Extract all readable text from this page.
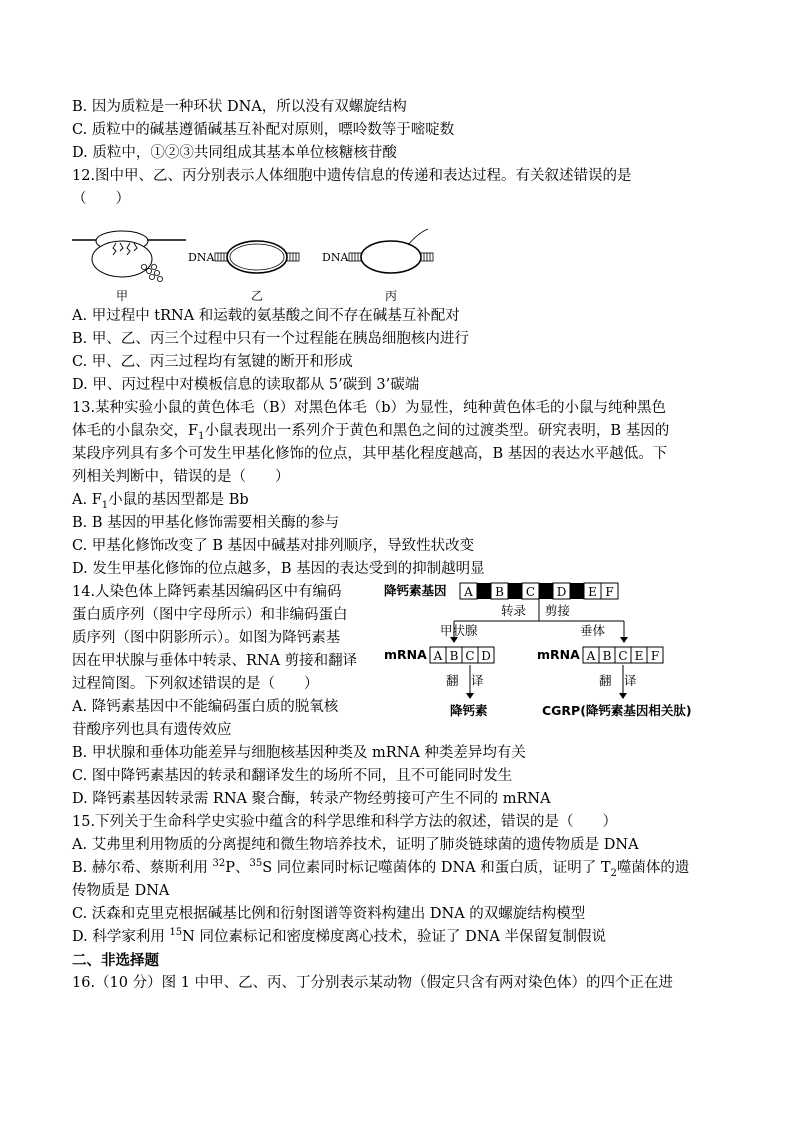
B. 因为质粒是一种环状 DNA，所以没有双螺旋结构
C. 质粒中的碱基遵循碱基互补配对原则，嘌呤数等于嘧啶数
D. 质粒中，①②③共同组成其基本单位核糖核苷酸
12.图中甲、乙、丙分别表示人体细胞中遗传信息的传递和表达过程。有关叙述错误的是
（　　）
甲
DNA
乙
DNA
丙
A. 甲过程中 tRNA 和运载的氨基酸之间不存在碱基互补配对
B. 甲、乙、丙三个过程中只有一个过程能在胰岛细胞核内进行
C. 甲、乙、丙三过程均有氢键的断开和形成
D. 甲、丙过程中对模板信息的读取都从 5’碳到 3’碳端
13.某种实验小鼠的黄色体毛（B）对黑色体毛（b）为显性，纯种黄色体毛的小鼠与纯种黑色
体毛的小鼠杂交，$F_1$小鼠表现出一系列介于黄色和黑色之间的过渡类型。研究表明，B 基因的
某段序列具有多个可发生甲基化修饰的位点，其甲基化程度越高，B 基因的表达水平越低。下
列相关判断中，错误的是（　　）
A. $F_1$小鼠的基因型都是 Bb
B. B 基因的甲基化修饰需要相关酶的参与
C. 甲基化修饰改变了 B 基因中碱基对排列顺序，导致性状改变
D. 发生甲基化修饰的位点越多，B 基因的表达受到的抑制越明显
14.人染色体上降钙素基因编码区中有编码
蛋白质序列（图中字母所示）和非编码蛋白
质序列（图中阴影所示）。如图为降钙素基
因在甲状腺与垂体中转录、RNA 剪接和翻译
过程简图。下列叙述错误的是（　　）
A. 降钙素基因中不能编码蛋白质的脱氧核
苷酸序列也具有遗传效应
降钙素基因 A B C D E F
转录 剪接
甲状腺	垂体
mRNA A B C D	mRNA A B C E F
翻　译	翻　译
降钙素	CGRP(降钙素基因相关肽)
B. 甲状腺和垂体功能差异与细胞核基因种类及 mRNA 种类差异均有关
C. 图中降钙素基因的转录和翻译发生的场所不同，且不可能同时发生
D. 降钙素基因转录需 RNA 聚合酶，转录产物经剪接可产生不同的 mRNA
15.下列关于生命科学史实验中蕴含的科学思维和科学方法的叙述，错误的是（　　）
A. 艾弗里利用物质的分离提纯和微生物培养技术，证明了肺炎链球菌的遗传物质是 DNA
B. 赫尔希、蔡斯利用 $^{32}$P、$^{35}$S 同位素同时标记噬菌体的 DNA 和蛋白质，证明了 $T_2$噬菌体的遗
传物质是 DNA
C. 沃森和克里克根据碱基比例和衍射图谱等资料构建出 DNA 的双螺旋结构模型
D. 科学家利用 $^{15}$N 同位素标记和密度梯度离心技术，验证了 DNA 半保留复制假说
二、非选择题
16.（10 分）图 1 中甲、乙、丙、丁分别表示某动物（假定只含有两对染色体）的四个正在进
